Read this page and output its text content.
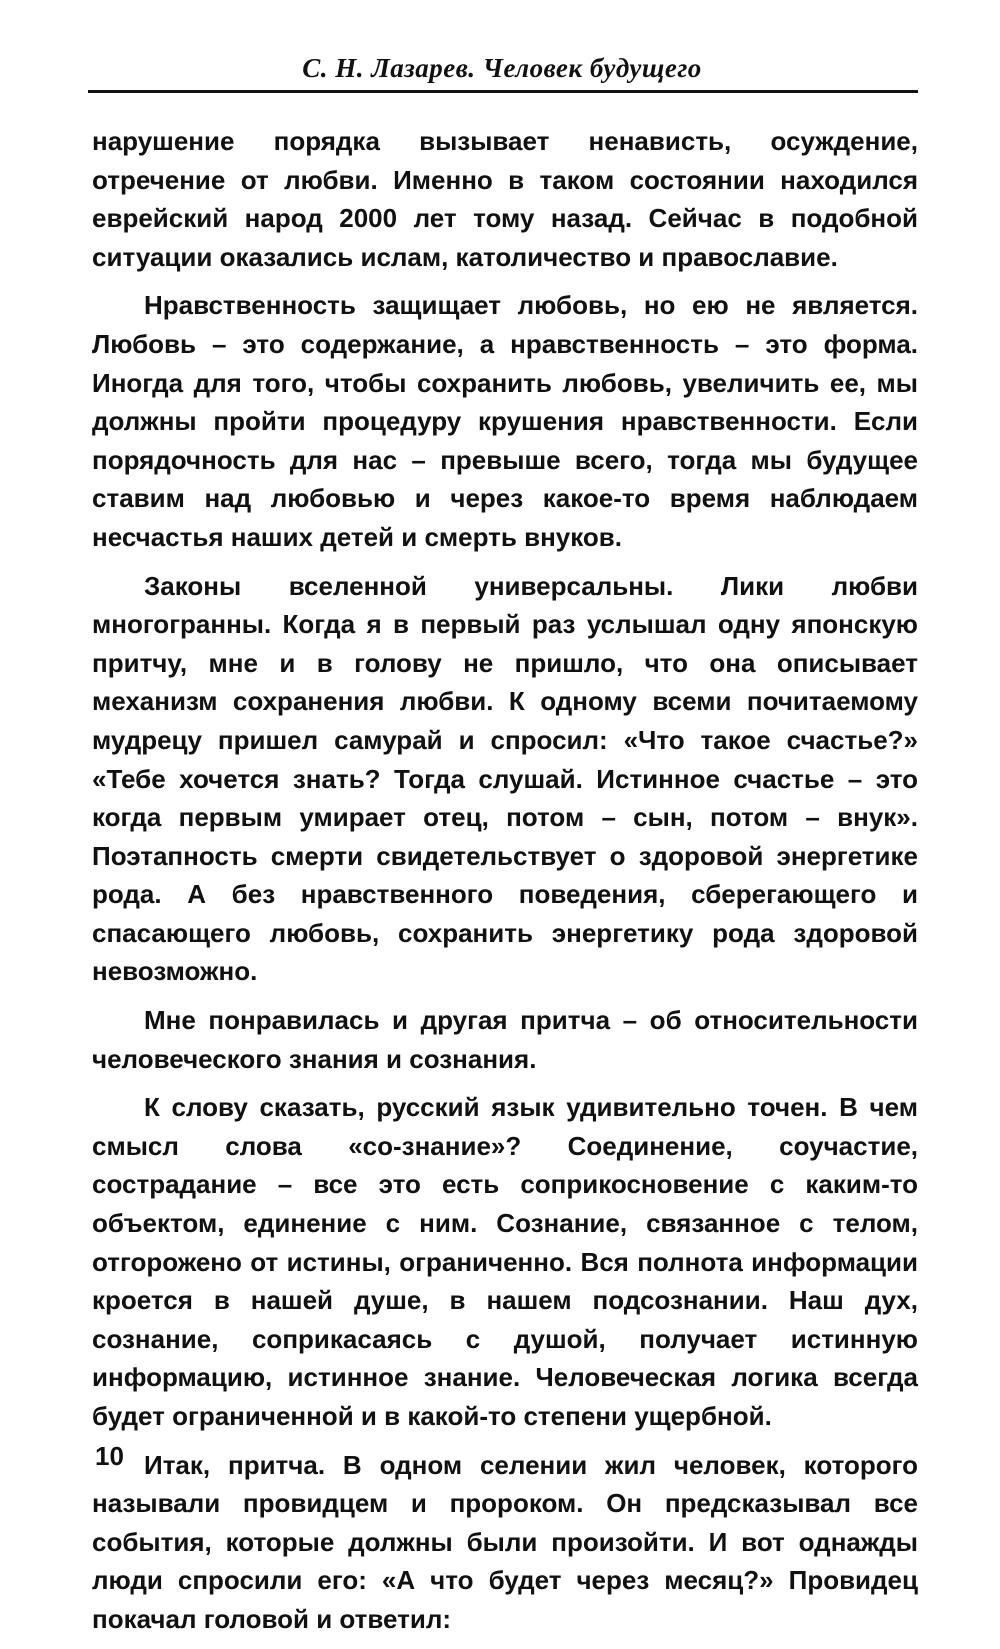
С. Н. Лазарев. Человек будущего

нарушение порядка вызывает ненависть, осуждение, отречение от любви. Именно в таком состоянии находился еврейский народ 2000 лет тому назад. Сейчас в подобной ситуации оказались ислам, католичество и православие.

Нравственность защищает любовь, но ею не является. Любовь – это содержание, а нравственность – это форма. Иногда для того, чтобы сохранить любовь, увеличить ее, мы должны пройти процедуру крушения нравственности. Если порядочность для нас – превыше всего, тогда мы будущее ставим над любовью и через какое-то время наблюдаем несчастья наших детей и смерть внуков.

Законы вселенной универсальны. Лики любви многогранны. Когда я в первый раз услышал одну японскую притчу, мне и в голову не пришло, что она описывает механизм сохранения любви. К одному всеми почитаемому мудрецу пришел самурай и спросил: «Что такое счастье?» «Тебе хочется знать? Тогда слушай. Истинное счастье – это когда первым умирает отец, потом – сын, потом – внук». Поэтапность смерти свидетельствует о здоровой энергетике рода. А без нравственного поведения, сберегающего и спасающего любовь, сохранить энергетику рода здоровой невозможно.

Мне понравилась и другая притча – об относительности человеческого знания и сознания.

К слову сказать, русский язык удивительно точен. В чем смысл слова «со-знание»? Соединение, соучастие, сострадание – все это есть соприкосновение с каким-то объектом, единение с ним. Сознание, связанное с телом, отгорожено от истины, ограниченно. Вся полнота информации кроется в нашей душе, в нашем подсознании. Наш дух, сознание, соприкасаясь с душой, получает истинную информацию, истинное знание. Человеческая логика всегда будет ограниченной и в какой-то степени ущербной.

Итак, притча. В одном селении жил человек, которого называли провидцем и пророком. Он предсказывал все события, которые должны были произойти. И вот однажды люди спросили его: «А что будет через месяц?» Провидец покачал головой и ответил:

10
